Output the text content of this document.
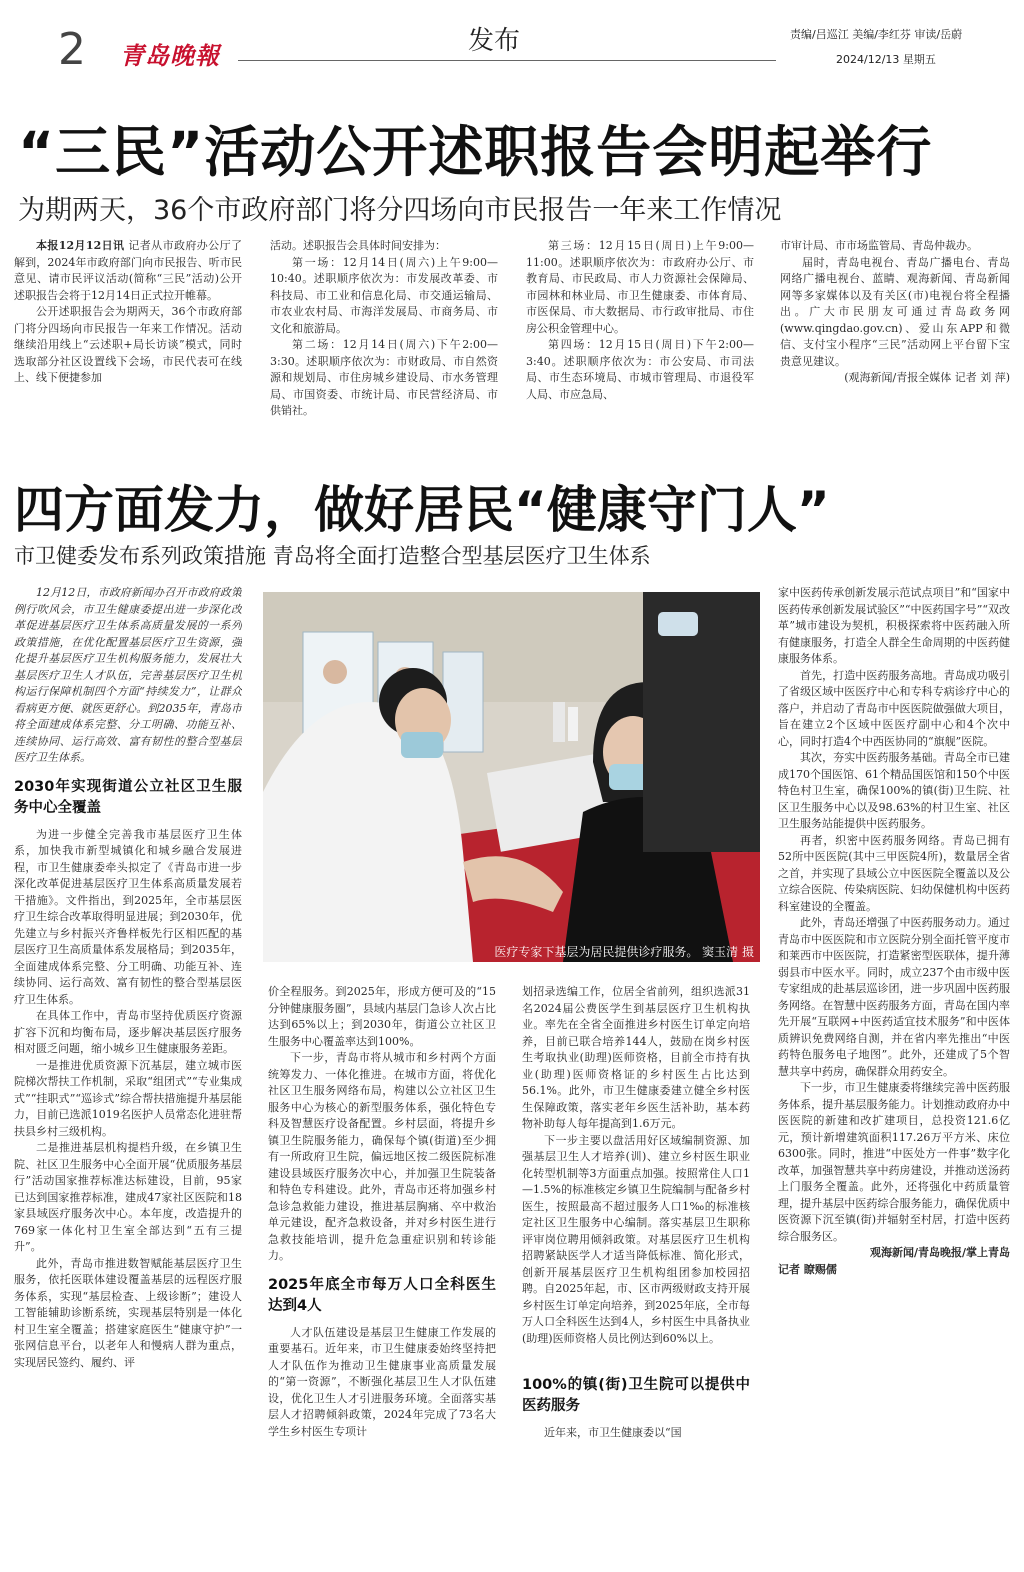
2 青岛晚報	发布	责编/吕巡江 美编/李红芬 审读/岳蔚
2024/12/13 星期五
“三民”活动公开述职报告会明起举行
为期两天，36个市政府部门将分四场向市民报告一年来工作情况

本报12月12日讯 记者从市政府办公厅了解到，2024年市政府部门向市民报告、听市民意见、请市民评议活动(简称“三民”活动)公开述职报告会将于12月14日正式拉开帷幕。

公开述职报告会为期两天，36个市政府部门将分四场向市民报告一年来工作情况。活动继续沿用线上“云述职+局长访谈”模式，同时选取部分社区设置线下会场，市民代表可在线上、线下便捷参加

活动。述职报告会具体时间安排为：

第一场：12月14日(周六)上午9:00—10:40。述职顺序依次为：市发展改革委、市科技局、市工业和信息化局、市交通运输局、市农业农村局、市海洋发展局、市商务局、市文化和旅游局。

第二场：12月14日(周六)下午2:00—3:30。述职顺序依次为：市财政局、市自然资源和规划局、市住房城乡建设局、市水务管理局、市国资委、市统计局、市民营经济局、市供销社。

第三场：12月15日(周日)上午9:00—11:00。述职顺序依次为：市政府办公厅、市教育局、市民政局、市人力资源社会保障局、市园林和林业局、市卫生健康委、市体育局、市医保局、市大数据局、市行政审批局、市住房公积金管理中心。

第四场：12月15日(周日)下午2:00—3:40。述职顺序依次为：市公安局、市司法局、市生态环境局、市城市管理局、市退役军人局、市应急局、

市审计局、市市场监管局、青岛仲裁办。

届时，青岛电视台、青岛广播电台、青岛网络广播电视台、蓝睛、观海新闻、青岛新闻网等多家媒体以及有关区(市)电视台将全程播出。广大市民朋友可通过青岛政务网(www.qingdao.gov.cn)、爱山东APP和微信、支付宝小程序“三民”活动网上平台留下宝贵意见建议。

(观海新闻/青报全媒体 记者 刘 萍)

四方面发力，做好居民“健康守门人”
市卫健委发布系列政策措施 青岛将全面打造整合型基层医疗卫生体系

12月12日，市政府新闻办召开市政府政策例行吹风会，市卫生健康委提出进一步深化改革促进基层医疗卫生体系高质量发展的一系列政策措施，在优化配置基层医疗卫生资源，强化提升基层医疗卫生机构服务能力，发展壮大基层医疗卫生人才队伍，完善基层医疗卫生机构运行保障机制四个方面“持续发力”，让群众看病更方便、就医更舒心。到2035年，青岛市将全面建成体系完整、分工明确、功能互补、连续协同、运行高效、富有韧性的整合型基层医疗卫生体系。

2030年实现街道公立社区卫生服务中心全覆盖

为进一步健全完善我市基层医疗卫生体系，加快我市新型城镇化和城乡融合发展进程，市卫生健康委牵头拟定了《青岛市进一步深化改革促进基层医疗卫生体系高质量发展若干措施》。文件指出，到2025年，全市基层医疗卫生综合改革取得明显进展；到2030年，优先建立与乡村振兴齐鲁样板先行区相匹配的基层医疗卫生高质量体系发展格局；到2035年，全面建成体系完整、分工明确、功能互补、连续协同、运行高效、富有韧性的整合型基层医疗卫生体系。

在具体工作中，青岛市坚持优质医疗资源扩容下沉和均衡布局，逐步解决基层医疗服务相对匮乏问题，缩小城乡卫生健康服务差距。

一是推进优质资源下沉基层，建立城市医院梯次帮扶工作机制，采取“组团式”“专业集成式”“挂职式”“巡诊式”综合帮扶措施提升基层能力，目前已选派1019名医护人员常态化进驻帮扶县乡村三级机构。

二是推进基层机构提档升级，在乡镇卫生院、社区卫生服务中心全面开展“优质服务基层行”活动国家推荐标准达标建设，目前，95家已达到国家推荐标准，建成47家社区医院和18家县域医疗服务次中心。本年度，改造提升的769家一体化村卫生室全部达到“五有三提升”。

此外，青岛市推进数智赋能基层医疗卫生服务，依托医联体建设覆盖基层的远程医疗服务体系，实现“基层检查、上级诊断”；建设人工智能辅助诊断系统，实现基层特别是一体化村卫生室全覆盖；搭建家庭医生“健康守护”一张网信息平台，以老年人和慢病人群为重点，实现居民签约、履约、评

医疗专家下基层为居民提供诊疗服务。 窦玉清 摄

价全程服务。到2025年，形成方便可及的“15分钟健康服务圈”，县域内基层门急诊人次占比达到65%以上；到2030年，街道公立社区卫生服务中心覆盖率达到100%。

下一步，青岛市将从城市和乡村两个方面统筹发力、一体化推进。在城市方面，将优化社区卫生服务网络布局，构建以公立社区卫生服务中心为核心的新型服务体系，强化特色专科及智慧医疗设备配置。乡村层面，将提升乡镇卫生院服务能力，确保每个镇(街道)至少拥有一所政府卫生院，偏远地区按二级医院标准建设县域医疗服务次中心，并加强卫生院装备和特色专科建设。此外，青岛市还将加强乡村急诊急救能力建设，推进基层胸痛、卒中救治单元建设，配齐急救设备，并对乡村医生进行急救技能培训，提升危急重症识别和转诊能力。

2025年底全市每万人口全科医生达到4人

人才队伍建设是基层卫生健康工作发展的重要基石。近年来，市卫生健康委始终坚持把人才队伍作为推动卫生健康事业高质量发展的“第一资源”，不断强化基层卫生人才队伍建设，优化卫生人才引进服务环境。全面落实基层人才招聘倾斜政策，2024年完成了73名大学生乡村医生专项计

划招录选编工作，位居全省前列，组织选派31名2024届公费医学生到基层医疗卫生机构执业。率先在全省全面推进乡村医生订单定向培养，目前已联合培养144人，鼓励在岗乡村医生考取执业(助理)医师资格，目前全市持有执业(助理)医师资格证的乡村医生占比达到56.1%。此外，市卫生健康委建立健全乡村医生保障政策，落实老年乡医生活补助，基本药物补助每人每年提高到1.6万元。

下一步主要以盘活用好区域编制资源、加强基层卫生人才培养(训)、建立乡村医生职业化转型机制等3方面重点加强。按照常住人口1—1.5%的标准核定乡镇卫生院编制与配备乡村医生，按照最高不超过服务人口1‰的标准核定社区卫生服务中心编制。落实基层卫生职称评审岗位聘用倾斜政策。对基层医疗卫生机构招聘紧缺医学人才适当降低标准、简化形式，创新开展基层医疗卫生机构组团参加校园招聘。自2025年起，市、区市两级财政支持开展乡村医生订单定向培养，到2025年底，全市每万人口全科医生达到4人，乡村医生中具备执业(助理)医师资格人员比例达到60%以上。

100%的镇(街)卫生院可以提供中医药服务

近年来，市卫生健康委以“国

家中医药传承创新发展示范试点项目”和“国家中医药传承创新发展试验区”“中医药国字号”“双改革”城市建设为契机，积极探索将中医药融入所有健康服务，打造全人群全生命周期的中医药健康服务体系。

首先，打造中医药服务高地。青岛成功吸引了省级区域中医医疗中心和专科专病诊疗中心的落户，并启动了青岛市中医医院做强做大项目，旨在建立2个区域中医医疗副中心和4个次中心，同时打造4个中西医协同的“旗舰”医院。

其次，夯实中医药服务基础。青岛全市已建成170个国医馆、61个精品国医馆和150个中医特色村卫生室，确保100%的镇(街)卫生院、社区卫生服务中心以及98.63%的村卫生室、社区卫生服务站能提供中医药服务。

再者，织密中医药服务网络。青岛已拥有52所中医医院(其中三甲医院4所)，数量居全省之首，并实现了县域公立中医医院全覆盖以及公立综合医院、传染病医院、妇幼保健机构中医药科室建设的全覆盖。

此外，青岛还增强了中医药服务动力。通过青岛市中医医院和市立医院分别全面托管平度市和莱西市中医医院，打造紧密型医联体，提升薄弱县市中医水平。同时，成立237个由市级中医专家组成的赴基层巡诊团，进一步巩固中医药服务网络。在智慧中医药服务方面，青岛在国内率先开展“互联网+中医药适宜技术服务”和中医体质辨识免费网络自测，并在省内率先推出“中医药特色服务电子地图”。此外，还建成了5个智慧共享中药房，确保群众用药安全。

下一步，市卫生健康委将继续完善中医药服务体系，提升基层服务能力。计划推动政府办中医医院的新建和改扩建项目，总投资121.6亿元，预计新增建筑面积117.26万平方米、床位6300张。同时，推进“中医处方一件事”数字化改革，加强智慧共享中药房建设，并推动送汤药上门服务全覆盖。此外，还将强化中药质量管理，提升基层中医药综合服务能力，确保优质中医资源下沉至镇(街)并辐射至村居，打造中医药综合服务区。

观海新闻/青岛晚报/掌上青岛

记者 瞭赐儒
